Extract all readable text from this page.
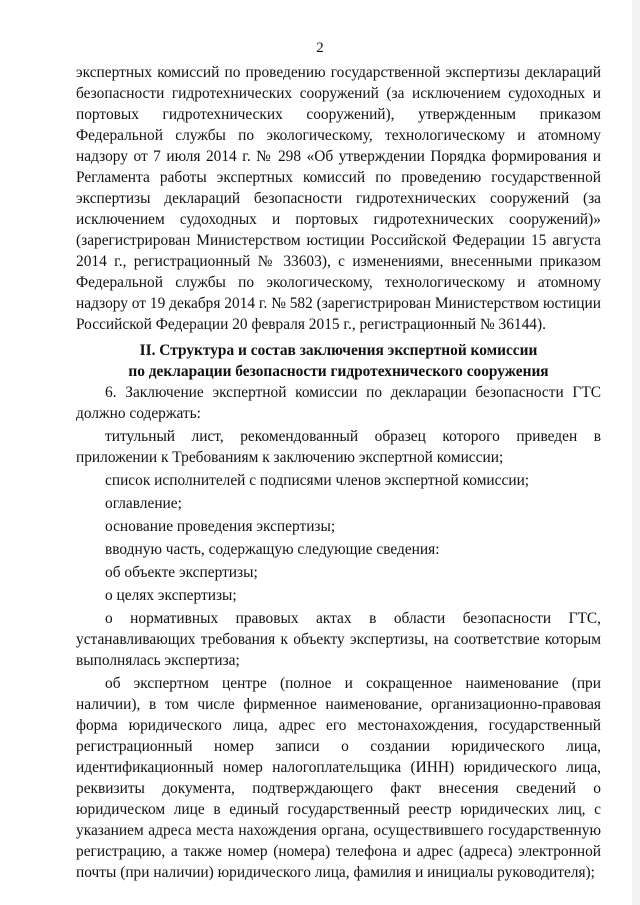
2

экспертных комиссий по проведению государственной экспертизы деклараций безопасности гидротехнических сооружений (за исключением судоходных и портовых гидротехнических сооружений), утвержденным приказом Федеральной службы по экологическому, технологическому и атомному надзору от 7 июля 2014 г. № 298 «Об утверждении Порядка формирования и Регламента работы экспертных комиссий по проведению государственной экспертизы деклараций безопасности гидротехнических сооружений (за исключением судоходных и портовых гидротехнических сооружений)» (зарегистрирован Министерством юстиции Российской Федерации 15 августа 2014 г., регистрационный № 33603), с изменениями, внесенными приказом Федеральной службы по экологическому, технологическому и атомному надзору от 19 декабря 2014 г. № 582 (зарегистрирован Министерством юстиции Российской Федерации 20 февраля 2015 г., регистрационный № 36144).

II. Структура и состав заключения экспертной комиссии

по декларации безопасности гидротехнического сооружения

6. Заключение экспертной комиссии по декларации безопасности ГТС должно содержать:

титульный лист, рекомендованный образец которого приведен в приложении к Требованиям к заключению экспертной комиссии;

список исполнителей с подписями членов экспертной комиссии;

оглавление;

основание проведения экспертизы;

вводную часть, содержащую следующие сведения:

об объекте экспертизы;

о целях экспертизы;

о нормативных правовых актах в области безопасности ГТС, устанавливающих требования к объекту экспертизы, на соответствие которым выполнялась экспертиза;

об экспертном центре (полное и сокращенное наименование (при наличии), в том числе фирменное наименование, организационно-правовая форма юридического лица, адрес его местонахождения, государственный регистрационный номер записи о создании юридического лица, идентификационный номер налогоплательщика (ИНН) юридического лица, реквизиты документа, подтверждающего факт внесения сведений о юридическом лице в единый государственный реестр юридических лиц, с указанием адреса места нахождения органа, осуществившего государственную регистрацию, а также номер (номера) телефона и адрес (адреса) электронной почты (при наличии) юридического лица, фамилия и инициалы руководителя);
